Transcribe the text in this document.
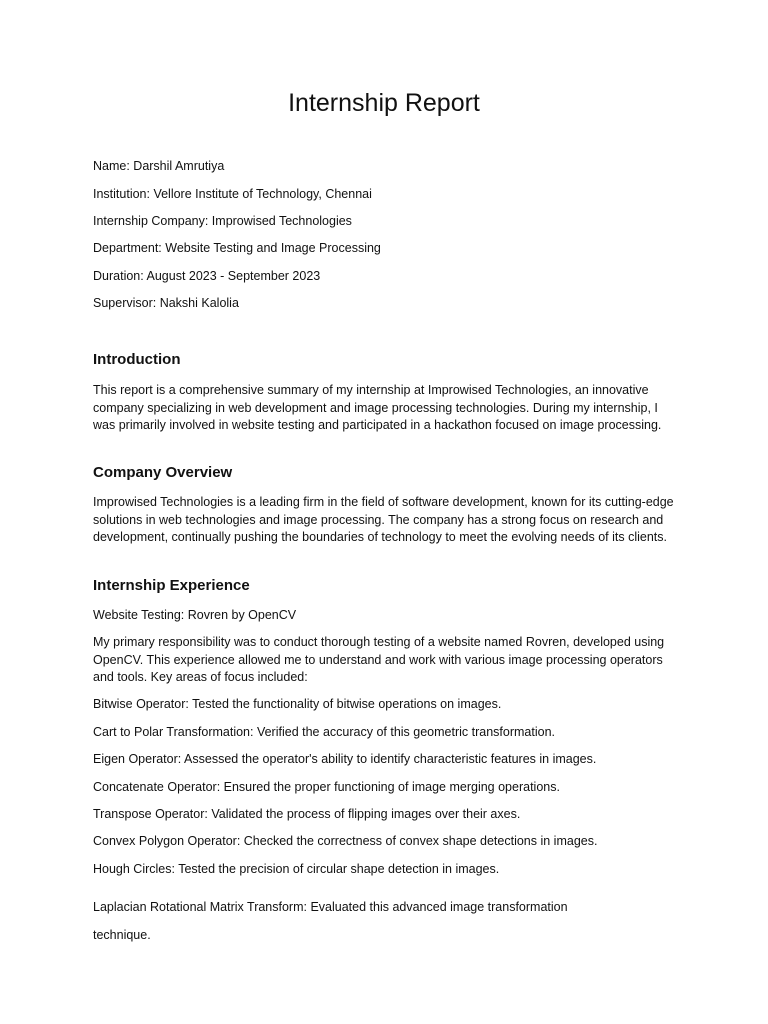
Internship Report
Name: Darshil Amrutiya
Institution: Vellore Institute of Technology, Chennai
Internship Company: Improwised Technologies
Department: Website Testing and Image Processing
Duration: August 2023 - September 2023
Supervisor: Nakshi Kalolia
Introduction
This report is a comprehensive summary of my internship at Improwised Technologies, an innovative company specializing in web development and image processing technologies. During my internship, I was primarily involved in website testing and participated in a hackathon focused on image processing.
Company Overview
Improwised Technologies is a leading firm in the field of software development, known for its cutting-edge solutions in web technologies and image processing. The company has a strong focus on research and development, continually pushing the boundaries of technology to meet the evolving needs of its clients.
Internship Experience
Website Testing: Rovren by OpenCV
My primary responsibility was to conduct thorough testing of a website named Rovren, developed using OpenCV. This experience allowed me to understand and work with various image processing operators and tools. Key areas of focus included:
Bitwise Operator: Tested the functionality of bitwise operations on images.
Cart to Polar Transformation: Verified the accuracy of this geometric transformation.
Eigen Operator: Assessed the operator's ability to identify characteristic features in images.
Concatenate Operator: Ensured the proper functioning of image merging operations.
Transpose Operator: Validated the process of flipping images over their axes.
Convex Polygon Operator: Checked the correctness of convex shape detections in images.
Hough Circles: Tested the precision of circular shape detection in images.
Laplacian Rotational Matrix Transform: Evaluated this advanced image transformation
technique.
